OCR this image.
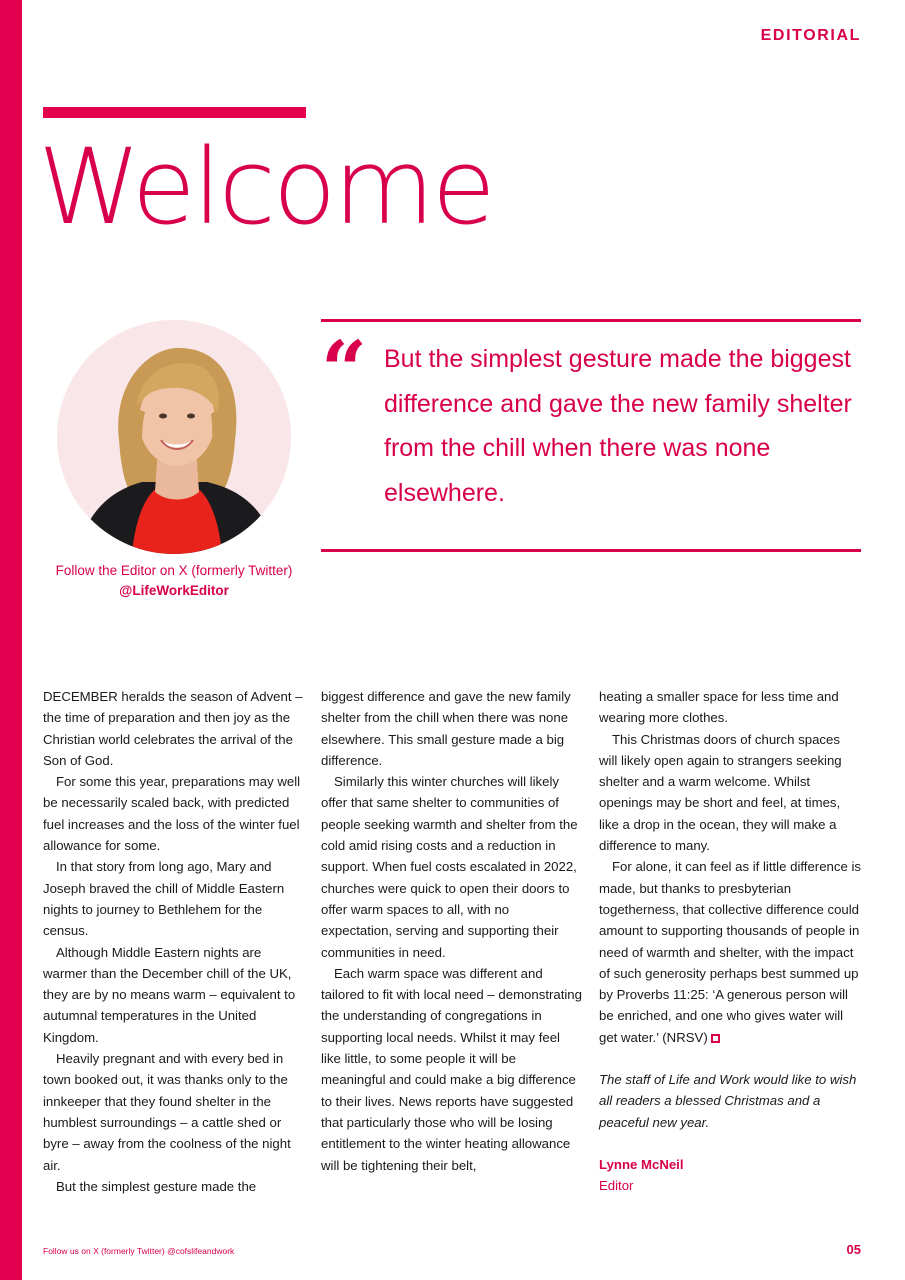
EDITORIAL
Welcome
Follow the Editor on X (formerly Twitter)
@LifeWorkEditor
“ But the simplest gesture made the biggest difference and gave the new family shelter from the chill when there was none elsewhere.

DECEMBER heralds the season of Advent – the time of preparation and then joy as the Christian world celebrates the arrival of the Son of God.

For some this year, preparations may well be necessarily scaled back, with predicted fuel increases and the loss of the winter fuel allowance for some.

In that story from long ago, Mary and Joseph braved the chill of Middle Eastern nights to journey to Bethlehem for the census.

Although Middle Eastern nights are warmer than the December chill of the UK, they are by no means warm – equivalent to autumnal temperatures in the United Kingdom.

Heavily pregnant and with every bed in town booked out, it was thanks only to the innkeeper that they found shelter in the humblest surroundings – a cattle shed or byre – away from the coolness of the night air.

But the simplest gesture made the

biggest difference and gave the new family shelter from the chill when there was none elsewhere. This small gesture made a big difference.

Similarly this winter churches will likely offer that same shelter to communities of people seeking warmth and shelter from the cold amid rising costs and a reduction in support. When fuel costs escalated in 2022, churches were quick to open their doors to offer warm spaces to all, with no expectation, serving and supporting their communities in need.

Each warm space was different and tailored to fit with local need – demonstrating the understanding of congregations in supporting local needs. Whilst it may feel like little, to some people it will be meaningful and could make a big difference to their lives. News reports have suggested that particularly those who will be losing entitlement to the winter heating allowance will be tightening their belt,

heating a smaller space for less time and wearing more clothes.

This Christmas doors of church spaces will likely open again to strangers seeking shelter and a warm welcome. Whilst openings may be short and feel, at times, like a drop in the ocean, they will make a difference to many.

For alone, it can feel as if little difference is made, but thanks to presbyterian togetherness, that collective difference could amount to supporting thousands of people in need of warmth and shelter, with the impact of such generosity perhaps best summed up by Proverbs 11:25: ‘A generous person will be enriched, and one who gives water will get water.’ (NRSV)

The staff of Life and Work would like to wish all readers a blessed Christmas and a peaceful new year.

Lynne McNeil

Editor

Follow us on X (formerly Twitter) @cofslifeandwork	05
